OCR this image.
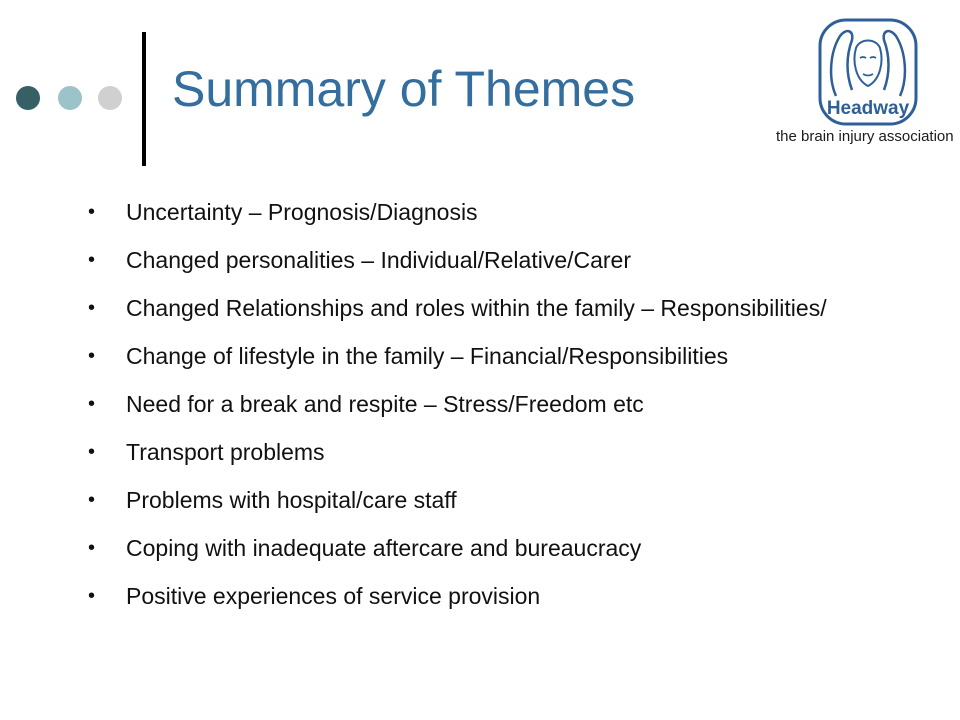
Summary of Themes	Headway
the brain injury association
• Uncertainty – Prognosis/Diagnosis
• Changed personalities – Individual/Relative/Carer
• Changed Relationships and roles within the family – Responsibilities/
• Change of lifestyle in the family – Financial/Responsibilities
• Need for a break and respite – Stress/Freedom etc
• Transport problems
• Problems with hospital/care staff
• Coping with inadequate aftercare and bureaucracy
• Positive experiences of service provision
